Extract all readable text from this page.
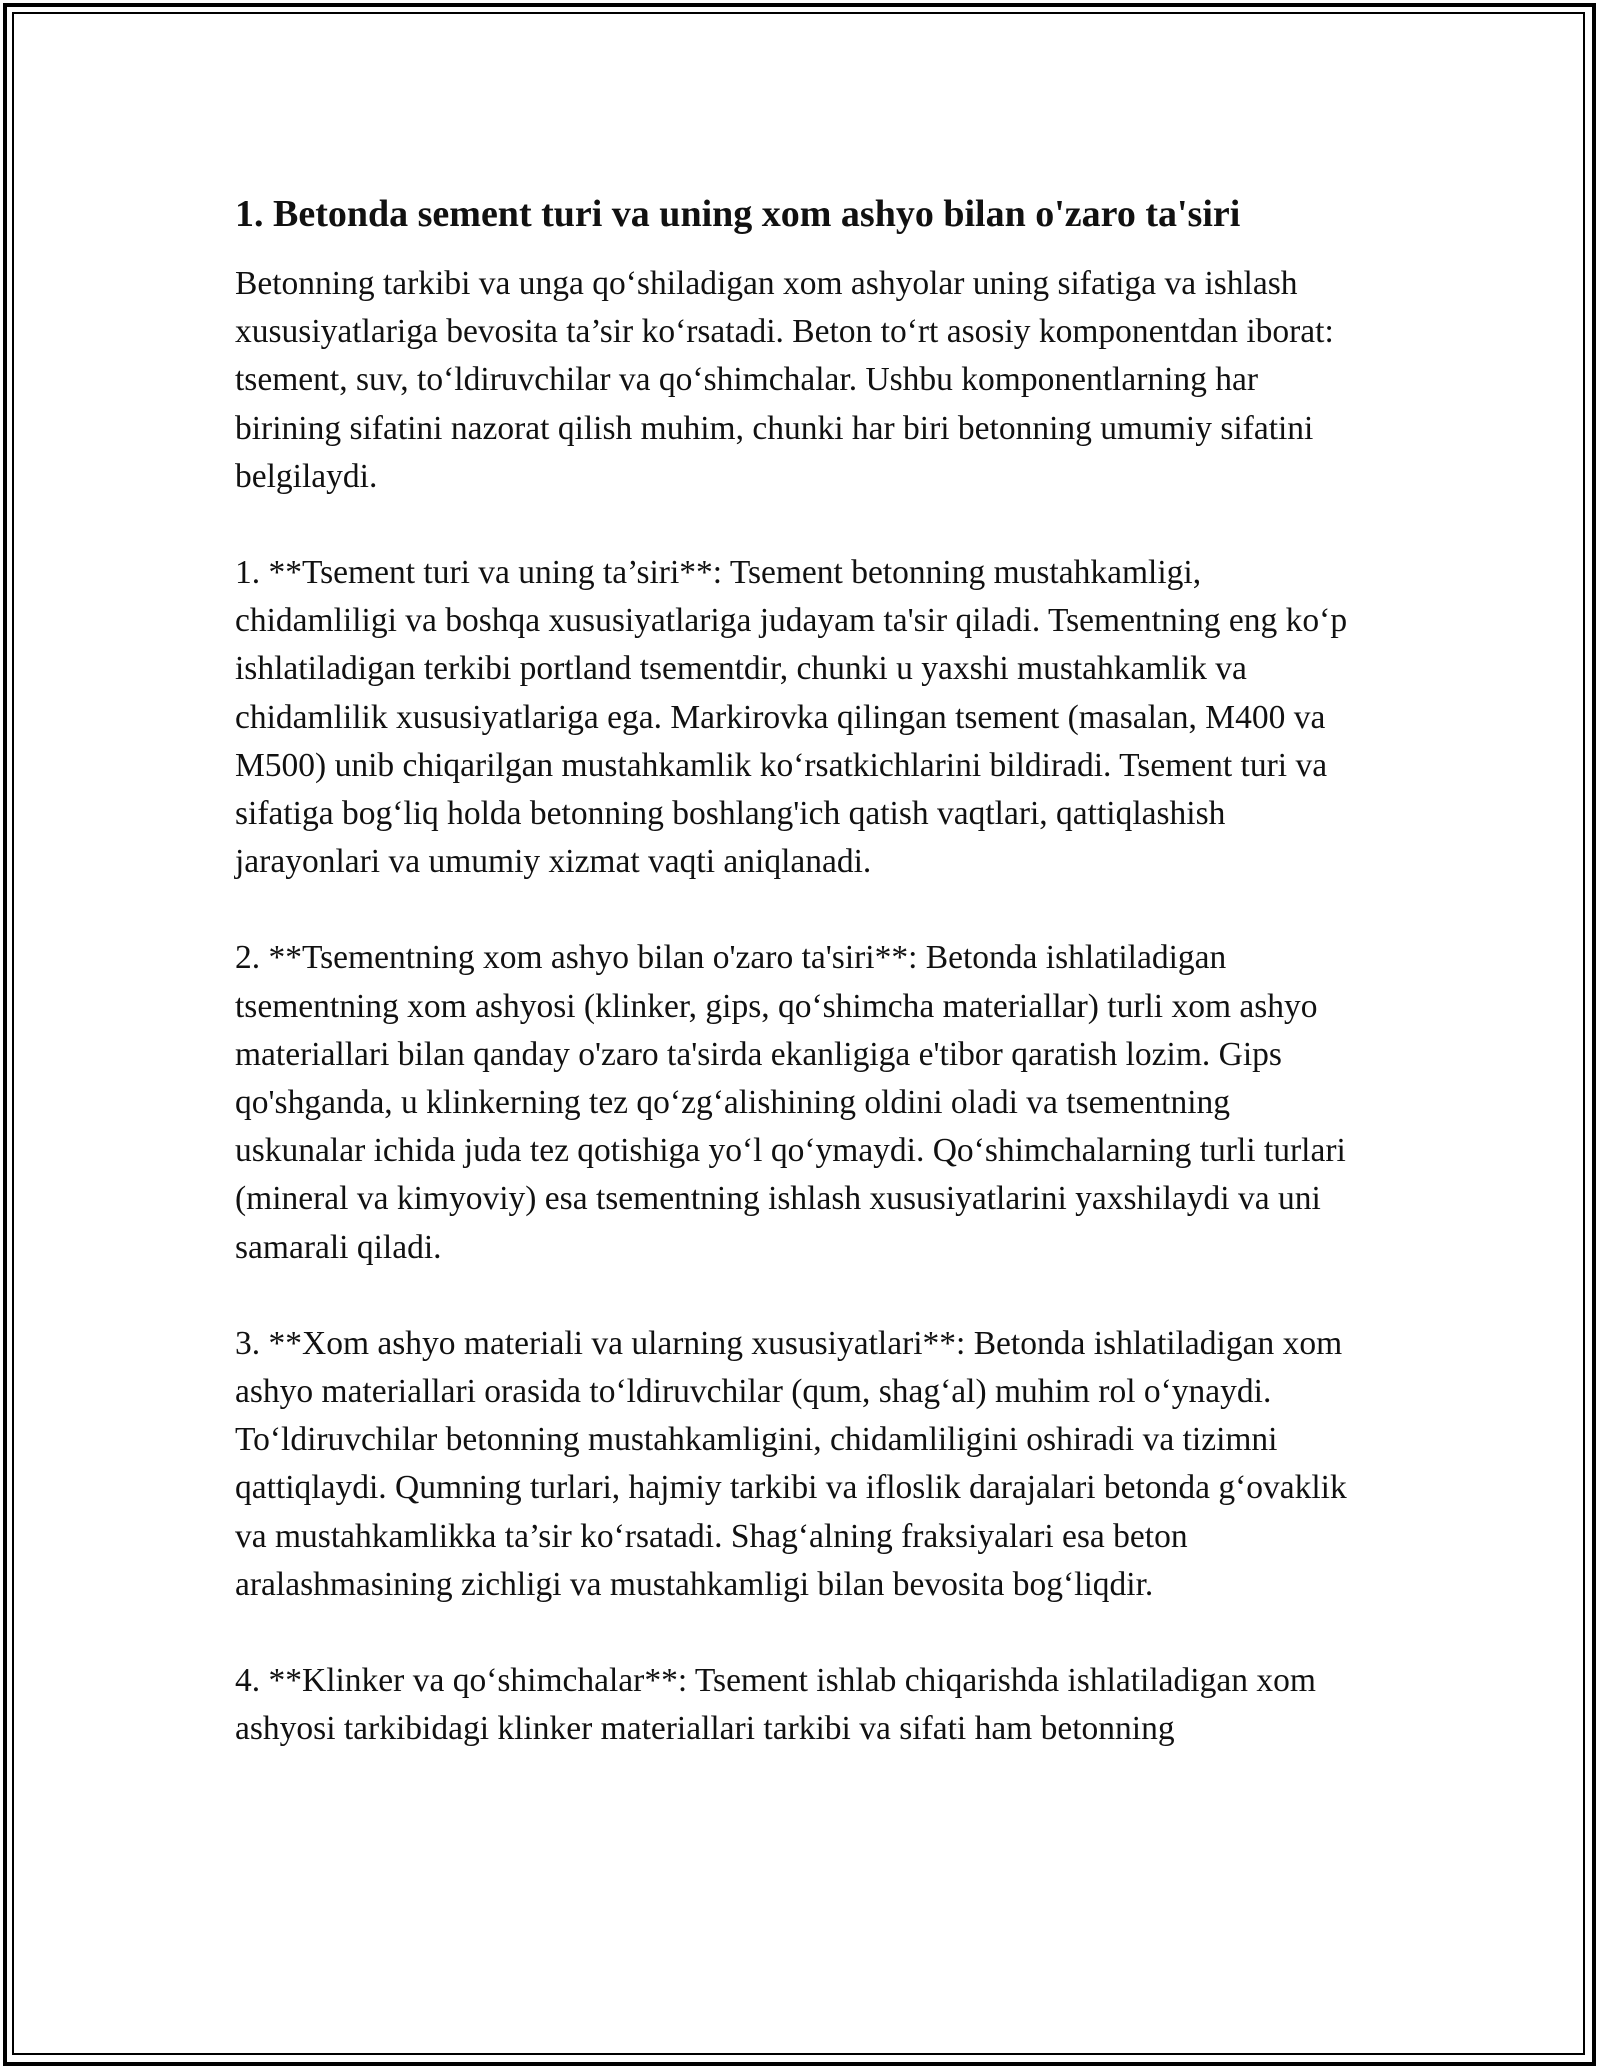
1. Betonda sement turi va uning xom ashyo bilan o'zaro ta'siri

Betonning tarkibi va unga qo‘shiladigan xom ashyolar uning sifatiga va ishlash xususiyatlariga bevosita ta’sir ko‘rsatadi. Beton to‘rt asosiy komponentdan iborat: tsement, suv, to‘ldiruvchilar va qo‘shimchalar. Ushbu komponentlarning har birining sifatini nazorat qilish muhim, chunki har biri betonning umumiy sifatini belgilaydi.

1. **Tsement turi va uning ta’siri**: Tsement betonning mustahkamligi, chidamliligi va boshqa xususiyatlariga judayam ta'sir qiladi. Tsementning eng ko‘p ishlatiladigan terkibi portland tsementdir, chunki u yaxshi mustahkamlik va chidamlilik xususiyatlariga ega. Markirovka qilingan tsement (masalan, M400 va M500) unib chiqarilgan mustahkamlik ko‘rsatkichlarini bildiradi. Tsement turi va sifatiga bog‘liq holda betonning boshlang'ich qatish vaqtlari, qattiqlashish jarayonlari va umumiy xizmat vaqti aniqlanadi.

2. **Tsementning xom ashyo bilan o'zaro ta'siri**: Betonda ishlatiladigan tsementning xom ashyosi (klinker, gips, qo‘shimcha materiallar) turli xom ashyo materiallari bilan qanday o'zaro ta'sirda ekanligiga e'tibor qaratish lozim. Gips qo'shganda, u klinkerning tez qo‘zg‘alishining oldini oladi va tsementning uskunalar ichida juda tez qotishiga yo‘l qo‘ymaydi. Qo‘shimchalarning turli turlari (mineral va kimyoviy) esa tsementning ishlash xususiyatlarini yaxshilaydi va uni samarali qiladi.

3. **Xom ashyo materiali va ularning xususiyatlari**: Betonda ishlatiladigan xom ashyo materiallari orasida to‘ldiruvchilar (qum, shag‘al) muhim rol o‘ynaydi. To‘ldiruvchilar betonning mustahkamligini, chidamliligini oshiradi va tizimni qattiqlaydi. Qumning turlari, hajmiy tarkibi va ifloslik darajalari betonda g‘ovaklik va mustahkamlikka ta’sir ko‘rsatadi. Shag‘alning fraksiyalari esa beton aralashmasining zichligi va mustahkamligi bilan bevosita bog‘liqdir.

4. **Klinker va qo‘shimchalar**: Tsement ishlab chiqarishda ishlatiladigan xom ashyosi tarkibidagi klinker materiallari tarkibi va sifati ham betonning
